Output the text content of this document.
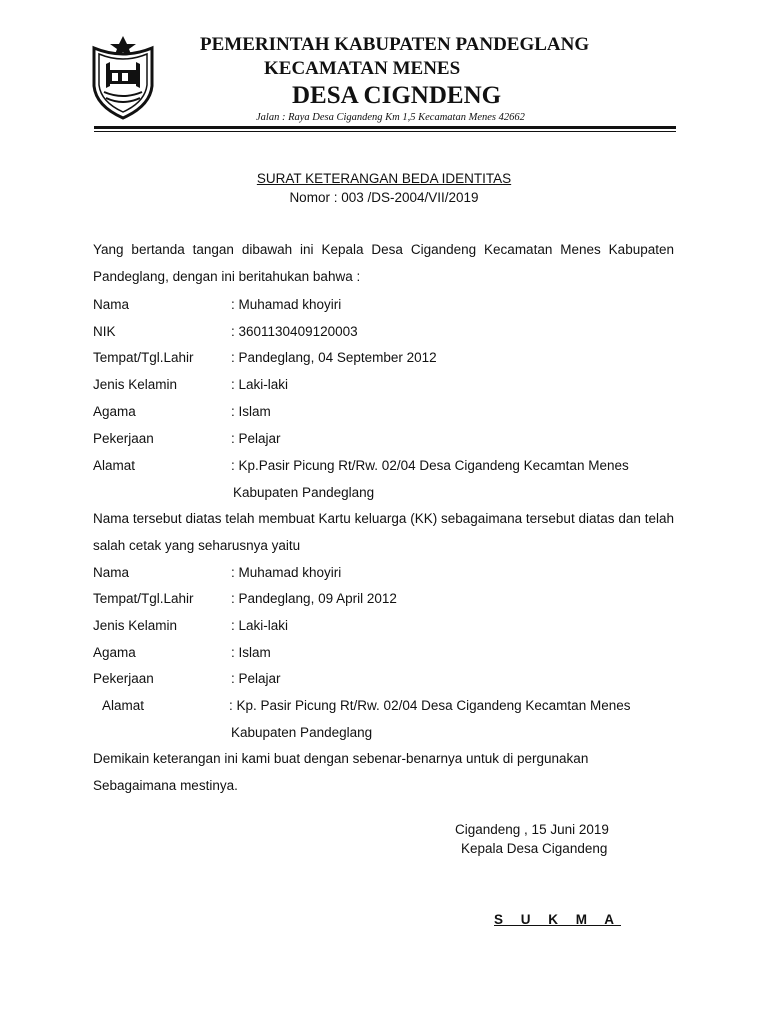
PEMERINTAH KABUPATEN PANDEGLANG
KECAMATAN MENES
DESA CIGNDENG
Jalan : Raya Desa Cigandeng Km 1,5 Kecamatan Menes 42662
SURAT KETERANGAN BEDA IDENTITAS
Nomor : 003 /DS-2004/VII/2019
Yang bertanda tangan dibawah ini Kepala Desa Cigandeng Kecamatan Menes Kabupaten Pandeglang, dengan ini beritahukan bahwa :
Nama	: Muhamad khoyiri
NIK	: 3601130409120003
Tempat/Tgl.Lahir	: Pandeglang, 04 September 2012
Jenis Kelamin	: Laki-laki
Agama	: Islam
Pekerjaan	: Pelajar
Alamat	: Kp.Pasir Picung Rt/Rw. 02/04 Desa Cigandeng Kecamtan Menes
Kabupaten Pandeglang
Nama tersebut diatas telah membuat Kartu keluarga (KK) sebagaimana tersebut diatas dan telah salah cetak yang seharusnya yaitu
Nama	: Muhamad khoyiri
Tempat/Tgl.Lahir	: Pandeglang, 09 April 2012
Jenis Kelamin	: Laki-laki
Agama	: Islam
Pekerjaan	: Pelajar
Alamat	: Kp. Pasir Picung Rt/Rw. 02/04 Desa Cigandeng Kecamtan Menes
Kabupaten Pandeglang
Demikain keterangan ini kami buat dengan sebenar-benarnya untuk di pergunakan
Sebagaimana mestinya.
Cigandeng , 15 Juni 2019
Kepala Desa Cigandeng
S U K M A
